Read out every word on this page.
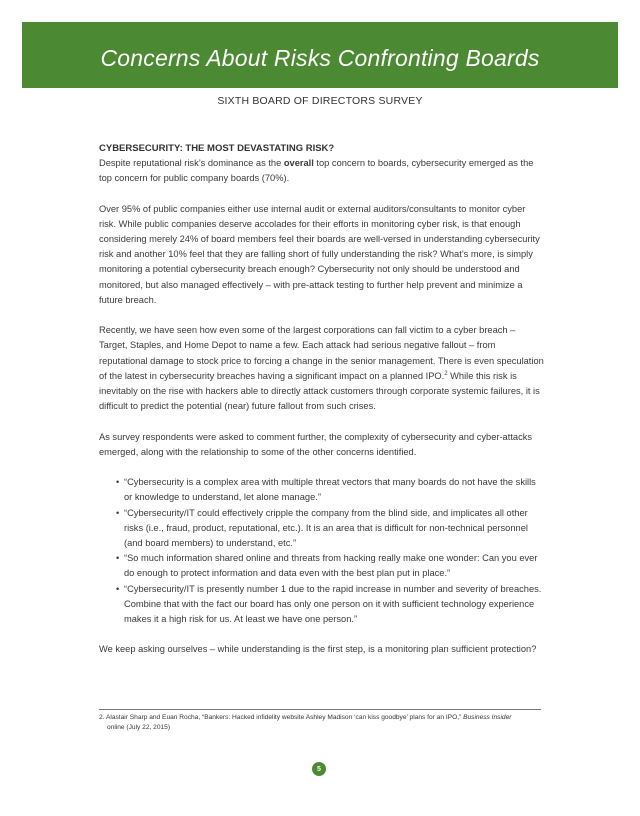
Concerns About Risks Confronting Boards
SIXTH BOARD OF DIRECTORS SURVEY
CYBERSECURITY: THE MOST DEVASTATING RISK?

Despite reputational risk’s dominance as the overall top concern to boards, cybersecurity emerged as the top concern for public company boards (70%).

Over 95% of public companies either use internal audit or external auditors/consultants to monitor cyber risk. While public companies deserve accolades for their efforts in monitoring cyber risk, is that enough considering merely 24% of board members feel their boards are well-versed in understanding cybersecurity risk and another 10% feel that they are falling short of fully understanding the risk? What’s more, is simply monitoring a potential cybersecurity breach enough? Cybersecurity not only should be understood and monitored, but also managed effectively – with pre-attack testing to further help prevent and minimize a future breach.

Recently, we have seen how even some of the largest corporations can fall victim to a cyber breach – Target, Staples, and Home Depot to name a few. Each attack had serious negative fallout – from reputational damage to stock price to forcing a change in the senior management. There is even speculation of the latest in cybersecurity breaches having a significant impact on a planned IPO.$^2$ While this risk is inevitably on the rise with hackers able to directly attack customers through corporate systemic failures, it is difficult to predict the potential (near) future fallout from such crises.

As survey respondents were asked to comment further, the complexity of cybersecurity and cyber-attacks emerged, along with the relationship to some of the other concerns identified.

• “Cybersecurity is a complex area with multiple threat vectors that many boards do not have the skills or knowledge to understand, let alone manage.”
• “Cybersecurity/IT could effectively cripple the company from the blind side, and implicates all other risks (i.e., fraud, product, reputational, etc.). It is an area that is difficult for non-technical personnel (and board members) to understand, etc.”
• “So much information shared online and threats from hacking really make one wonder: Can you ever do enough to protect information and data even with the best plan put in place.”
• “Cybersecurity/IT is presently number 1 due to the rapid increase in number and severity of breaches. Combine that with the fact our board has only one person on it with sufficient technology experience makes it a high risk for us. At least we have one person.”

We keep asking ourselves – while understanding is the first step, is a monitoring plan sufficient protection?

2. Alastair Sharp and Euan Rocha, “Bankers: Hacked infidelity website Ashley Madison ‘can kiss goodbye’ plans for an IPO,” Business Insider
online (July 22, 2015)
5
